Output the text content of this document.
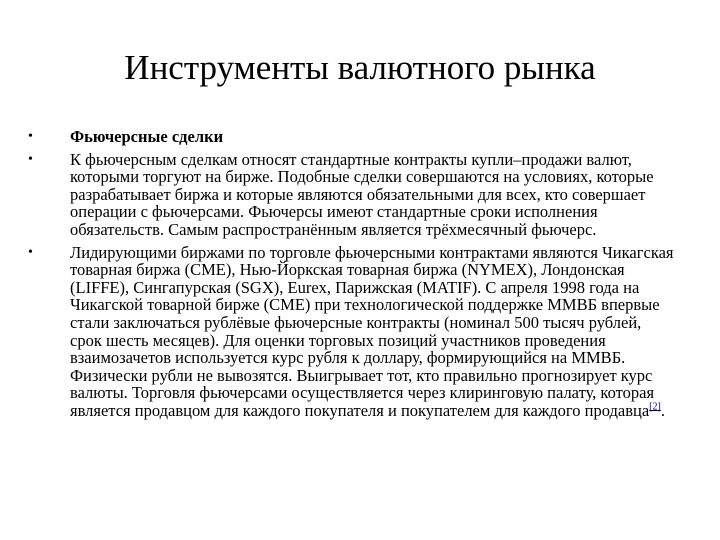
Инструменты валютного рынка
• Фьючерсные сделки
• К фьючерсным сделкам относят стандартные контракты купли–продажи валют, которыми торгуют на бирже. Подобные сделки совершаются на условиях, которые разрабатывает биржа и которые являются обязательными для всех, кто совершает операции с фьючерсами. Фьючерсы имеют стандартные сроки исполнения обязательств. Самым распространённым является трёхмесячный фьючерс.
• Лидирующими биржами по торговле фьючерсными контрактами являются Чикагская товарная биржа (CME), Нью-Йоркская товарная биржа (NYMEX), Лондонская (LIFFE), Сингапурская (SGX), Eurex, Парижская (MATIF). С апреля 1998 года на Чикагской товарной бирже (CME) при технологической поддержке ММВБ впервые стали заключаться рублёвые фьючерсные контракты (номинал 500 тысяч рублей, срок шесть месяцев). Для оценки торговых позиций участников проведения взаимозачетов используется курс рубля к доллару, формирующийся на ММВБ. Физически рубли не вывозятся. Выигрывает тот, кто правильно прогнозирует курс валюты. Торговля фьючерсами осуществляется через клиринговую палату, которая является продавцом для каждого покупателя и покупателем для каждого продавца[2].
